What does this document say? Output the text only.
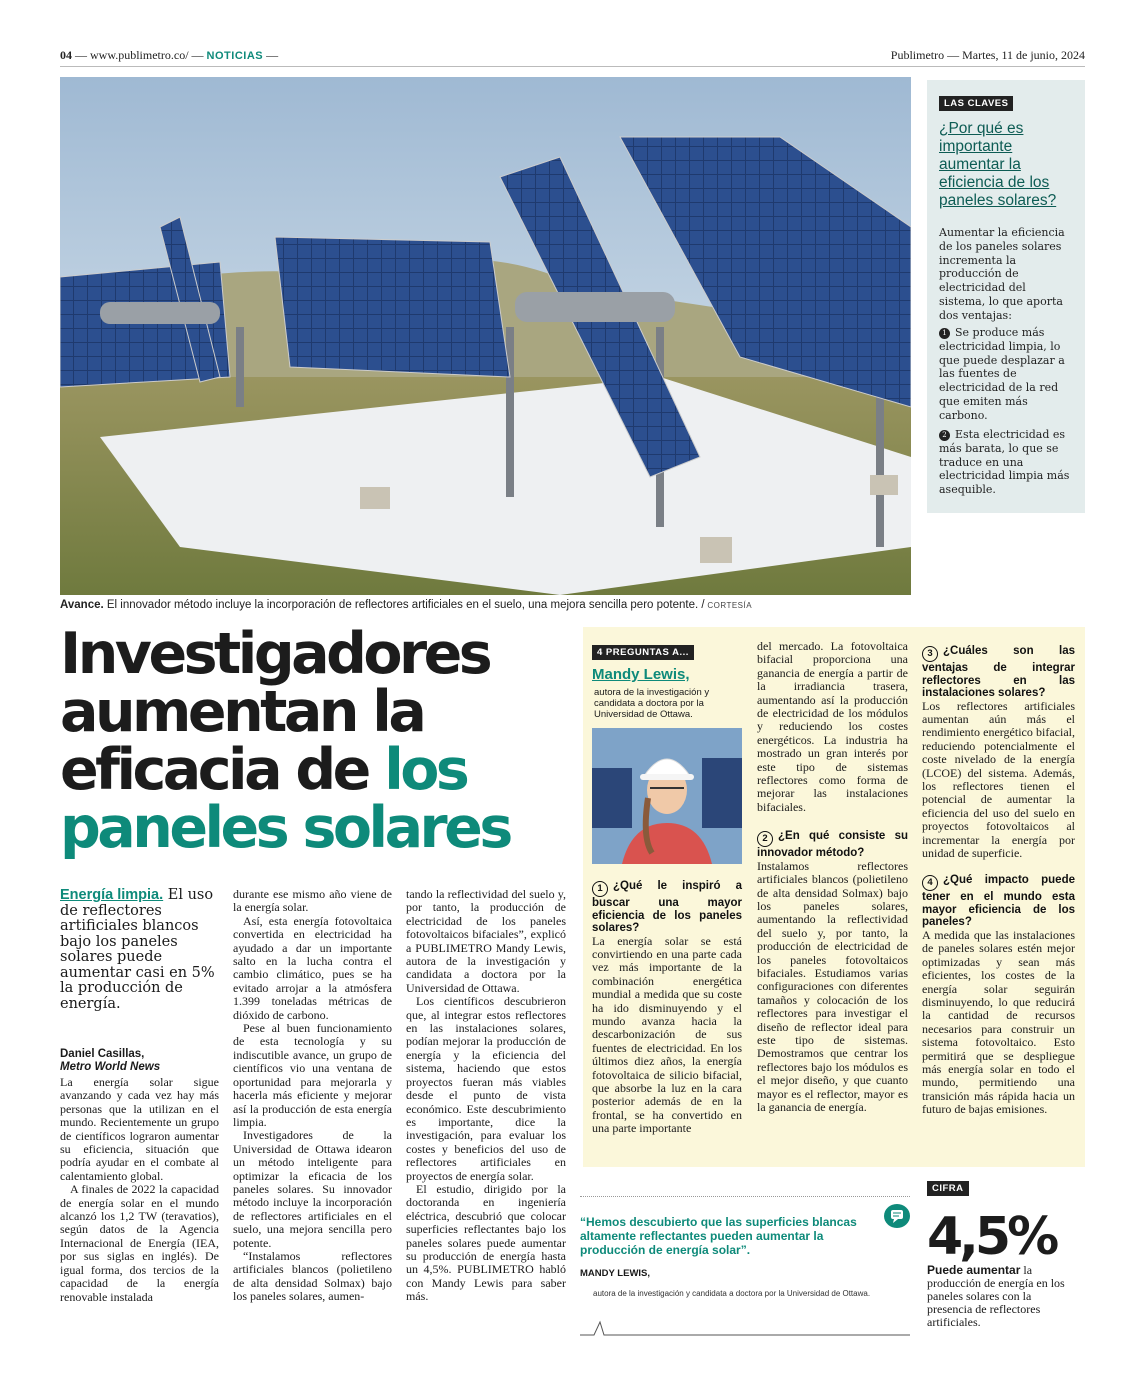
04 — www.publimetro.co/ — NOTICIAS —	Publimetro — Martes, 11 de junio, 2024
Avance. El innovador método incluye la incorporación de reflectores artificiales en el suelo, una mejora sencilla pero potente. / CORTESÍA
LAS CLAVES
¿Por qué es importante aumentar la eficiencia de los paneles solares?
Aumentar la eficiencia de los paneles solares incrementa la producción de electricidad del sistema, lo que aporta dos ventajas:
1 Se produce más electricidad limpia, lo que puede desplazar a las fuentes de electricidad de la red que emiten más carbono.
2 Esta electricidad es más barata, lo que se traduce en una electricidad limpia más asequible.
Investigadores
aumentan la
eficacia de los
paneles solares
Energía limpia. El uso de reflectores artificiales blancos bajo los paneles solares puede aumentar casi en 5% la producción de energía.
Daniel Casillas,
Metro World News

La energía solar sigue avanzando y cada vez hay más personas que la utilizan en el mundo. Recientemente un grupo de científicos lograron aumentar su eficiencia, situación que podría ayudar en el combate al calentamiento global.

A finales de 2022 la capacidad de energía solar en el mundo alcanzó los 1,2 TW (teravatios), según datos de la Agencia Internacional de Energía (IEA, por sus siglas en inglés). De igual forma, dos tercios de la capacidad de la energía renovable instalada

durante ese mismo año viene de la energía solar.

Así, esta energía fotovoltaica convertida en electricidad ha ayudado a dar un importante salto en la lucha contra el cambio climático, pues se ha evitado arrojar a la atmósfera 1.399 toneladas métricas de dióxido de carbono.

Pese al buen funcionamiento de esta tecnología y su indiscutible avance, un grupo de científicos vio una ventana de oportunidad para mejorarla y hacerla más eficiente y mejorar así la producción de esta energía limpia.

Investigadores de la Universidad de Ottawa idearon un método inteligente para optimizar la eficacia de los paneles solares. Su innovador método incluye la incorporación de reflectores artificiales en el suelo, una mejora sencilla pero potente.

“Instalamos reflectores artificiales blancos (polietileno de alta densidad Solmax) bajo los paneles solares, aumen-

tando la reflectividad del suelo y, por tanto, la producción de electricidad de los paneles fotovoltaicos bifaciales”, explicó a PUBLIMETRO Mandy Lewis, autora de la investigación y candidata a doctora por la Universidad de Ottawa.

Los científicos descubrieron que, al integrar estos reflectores en las instalaciones solares, podían mejorar la producción de energía y la eficiencia del sistema, haciendo que estos proyectos fueran más viables desde el punto de vista económico. Este descubrimiento es importante, dice la investigación, para evaluar los costes y beneficios del uso de reflectores artificiales en proyectos de energía solar.

El estudio, dirigido por la doctoranda en ingeniería eléctrica, descubrió que colocar superficies reflectantes bajo los paneles solares puede aumentar su producción de energía hasta un 4,5%. PUBLIMETRO habló con Mandy Lewis para saber más.

4 PREGUNTAS A...
Mandy Lewis,
autora de la investigación y candidata a doctora por la Universidad de Ottawa.
1 ¿Qué le inspiró a buscar una mayor eficiencia de los paneles solares?
La energía solar se está convirtiendo en una parte cada vez más importante de la combinación energética mundial a medida que su coste ha ido disminuyendo y el mundo avanza hacia la descarbonización de sus fuentes de electricidad. En los últimos diez años, la energía fotovoltaica de silicio bifacial, que absorbe la luz en la cara posterior además de en la frontal, se ha convertido en una parte importante
del mercado. La fotovoltaica bifacial proporciona una ganancia de energía a partir de la irradiancia trasera, aumentando así la producción de electricidad de los módulos y reduciendo los costes energéticos. La industria ha mostrado un gran interés por este tipo de sistemas reflectores como forma de mejorar las instalaciones bifaciales.
2 ¿En qué consiste su innovador método?
Instalamos reflectores artificiales blancos (polietileno de alta densidad Solmax) bajo los paneles solares, aumentando la reflectividad del suelo y, por tanto, la producción de electricidad de los paneles fotovoltaicos bifaciales. Estudiamos varias configuraciones con diferentes tamaños y colocación de los reflectores para investigar el diseño de reflector ideal para este tipo de sistemas. Demostramos que centrar los reflectores bajo los módulos es el mejor diseño, y que cuanto mayor es el reflector, mayor es la ganancia de energía.
3 ¿Cuáles son las ventajas de integrar reflectores en las instalaciones solares?
Los reflectores artificiales aumentan aún más el rendimiento energético bifacial, reduciendo potencialmente el coste nivelado de la energía (LCOE) del sistema. Además, los reflectores tienen el potencial de aumentar la eficiencia del uso del suelo en proyectos fotovoltaicos al incrementar la energía por unidad de superficie.
4 ¿Qué impacto puede tener en el mundo esta mayor eficiencia de los paneles?
A medida que las instalaciones de paneles solares estén mejor optimizadas y sean más eficientes, los costes de la energía solar seguirán disminuyendo, lo que reducirá la cantidad de recursos necesarios para construir un sistema fotovoltaico. Esto permitirá que se despliegue más energía solar en todo el mundo, permitiendo una transición más rápida hacia un futuro de bajas emisiones.
“Hemos descubierto que las superficies blancas altamente reflectantes pueden aumentar la producción de energía solar”.
MANDY LEWIS,
autora de la investigación y candidata a doctora por la Universidad de Ottawa.
CIFRA
4,5%
Puede aumentar la producción de energía en los paneles solares con la presencia de reflectores artificiales.
